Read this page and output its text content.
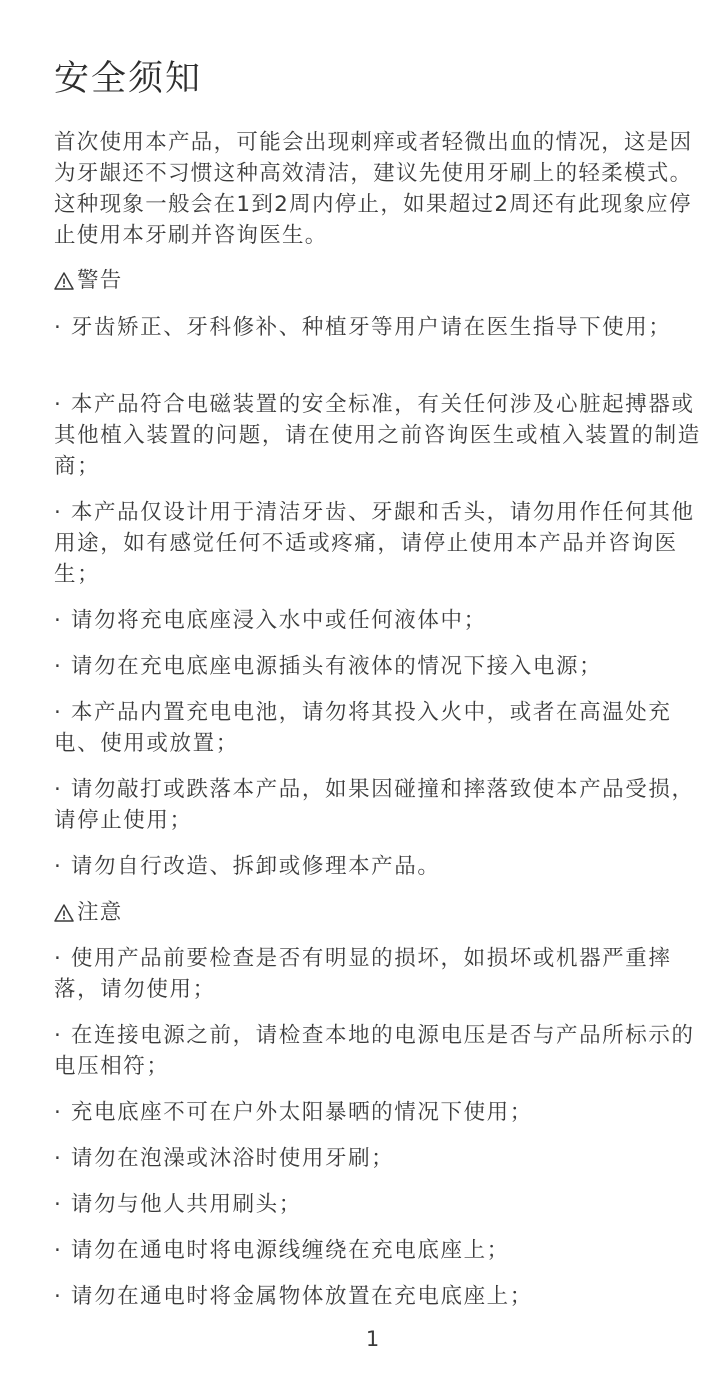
安全须知
首次使用本产品，可能会出现刺痒或者轻微出血的情况，这是因为牙龈还不习惯这种高效清洁，建议先使用牙刷上的轻柔模式。这种现象一般会在1到2周内停止，如果超过2周还有此现象应停止使用本牙刷并咨询医生。
警告
· 牙齿矫正、牙科修补、种植牙等用户请在医生指导下使用；
· 本产品符合电磁装置的安全标准，有关任何涉及心脏起搏器或其他植入装置的问题，请在使用之前咨询医生或植入装置的制造商；
· 本产品仅设计用于清洁牙齿、牙龈和舌头，请勿用作任何其他用途，如有感觉任何不适或疼痛，请停止使用本产品并咨询医生；
· 请勿将充电底座浸入水中或任何液体中；
· 请勿在充电底座电源插头有液体的情况下接入电源；
· 本产品内置充电电池，请勿将其投入火中，或者在高温处充电、使用或放置；
· 请勿敲打或跌落本产品，如果因碰撞和摔落致使本产品受损，请停止使用；
· 请勿自行改造、拆卸或修理本产品。
注意
· 使用产品前要检查是否有明显的损坏，如损坏或机器严重摔落，请勿使用；
· 在连接电源之前，请检查本地的电源电压是否与产品所标示的电压相符；
· 充电底座不可在户外太阳暴晒的情况下使用；
· 请勿在泡澡或沐浴时使用牙刷；
· 请勿与他人共用刷头；
· 请勿在通电时将电源线缠绕在充电底座上；
· 请勿在通电时将金属物体放置在充电底座上；
1
